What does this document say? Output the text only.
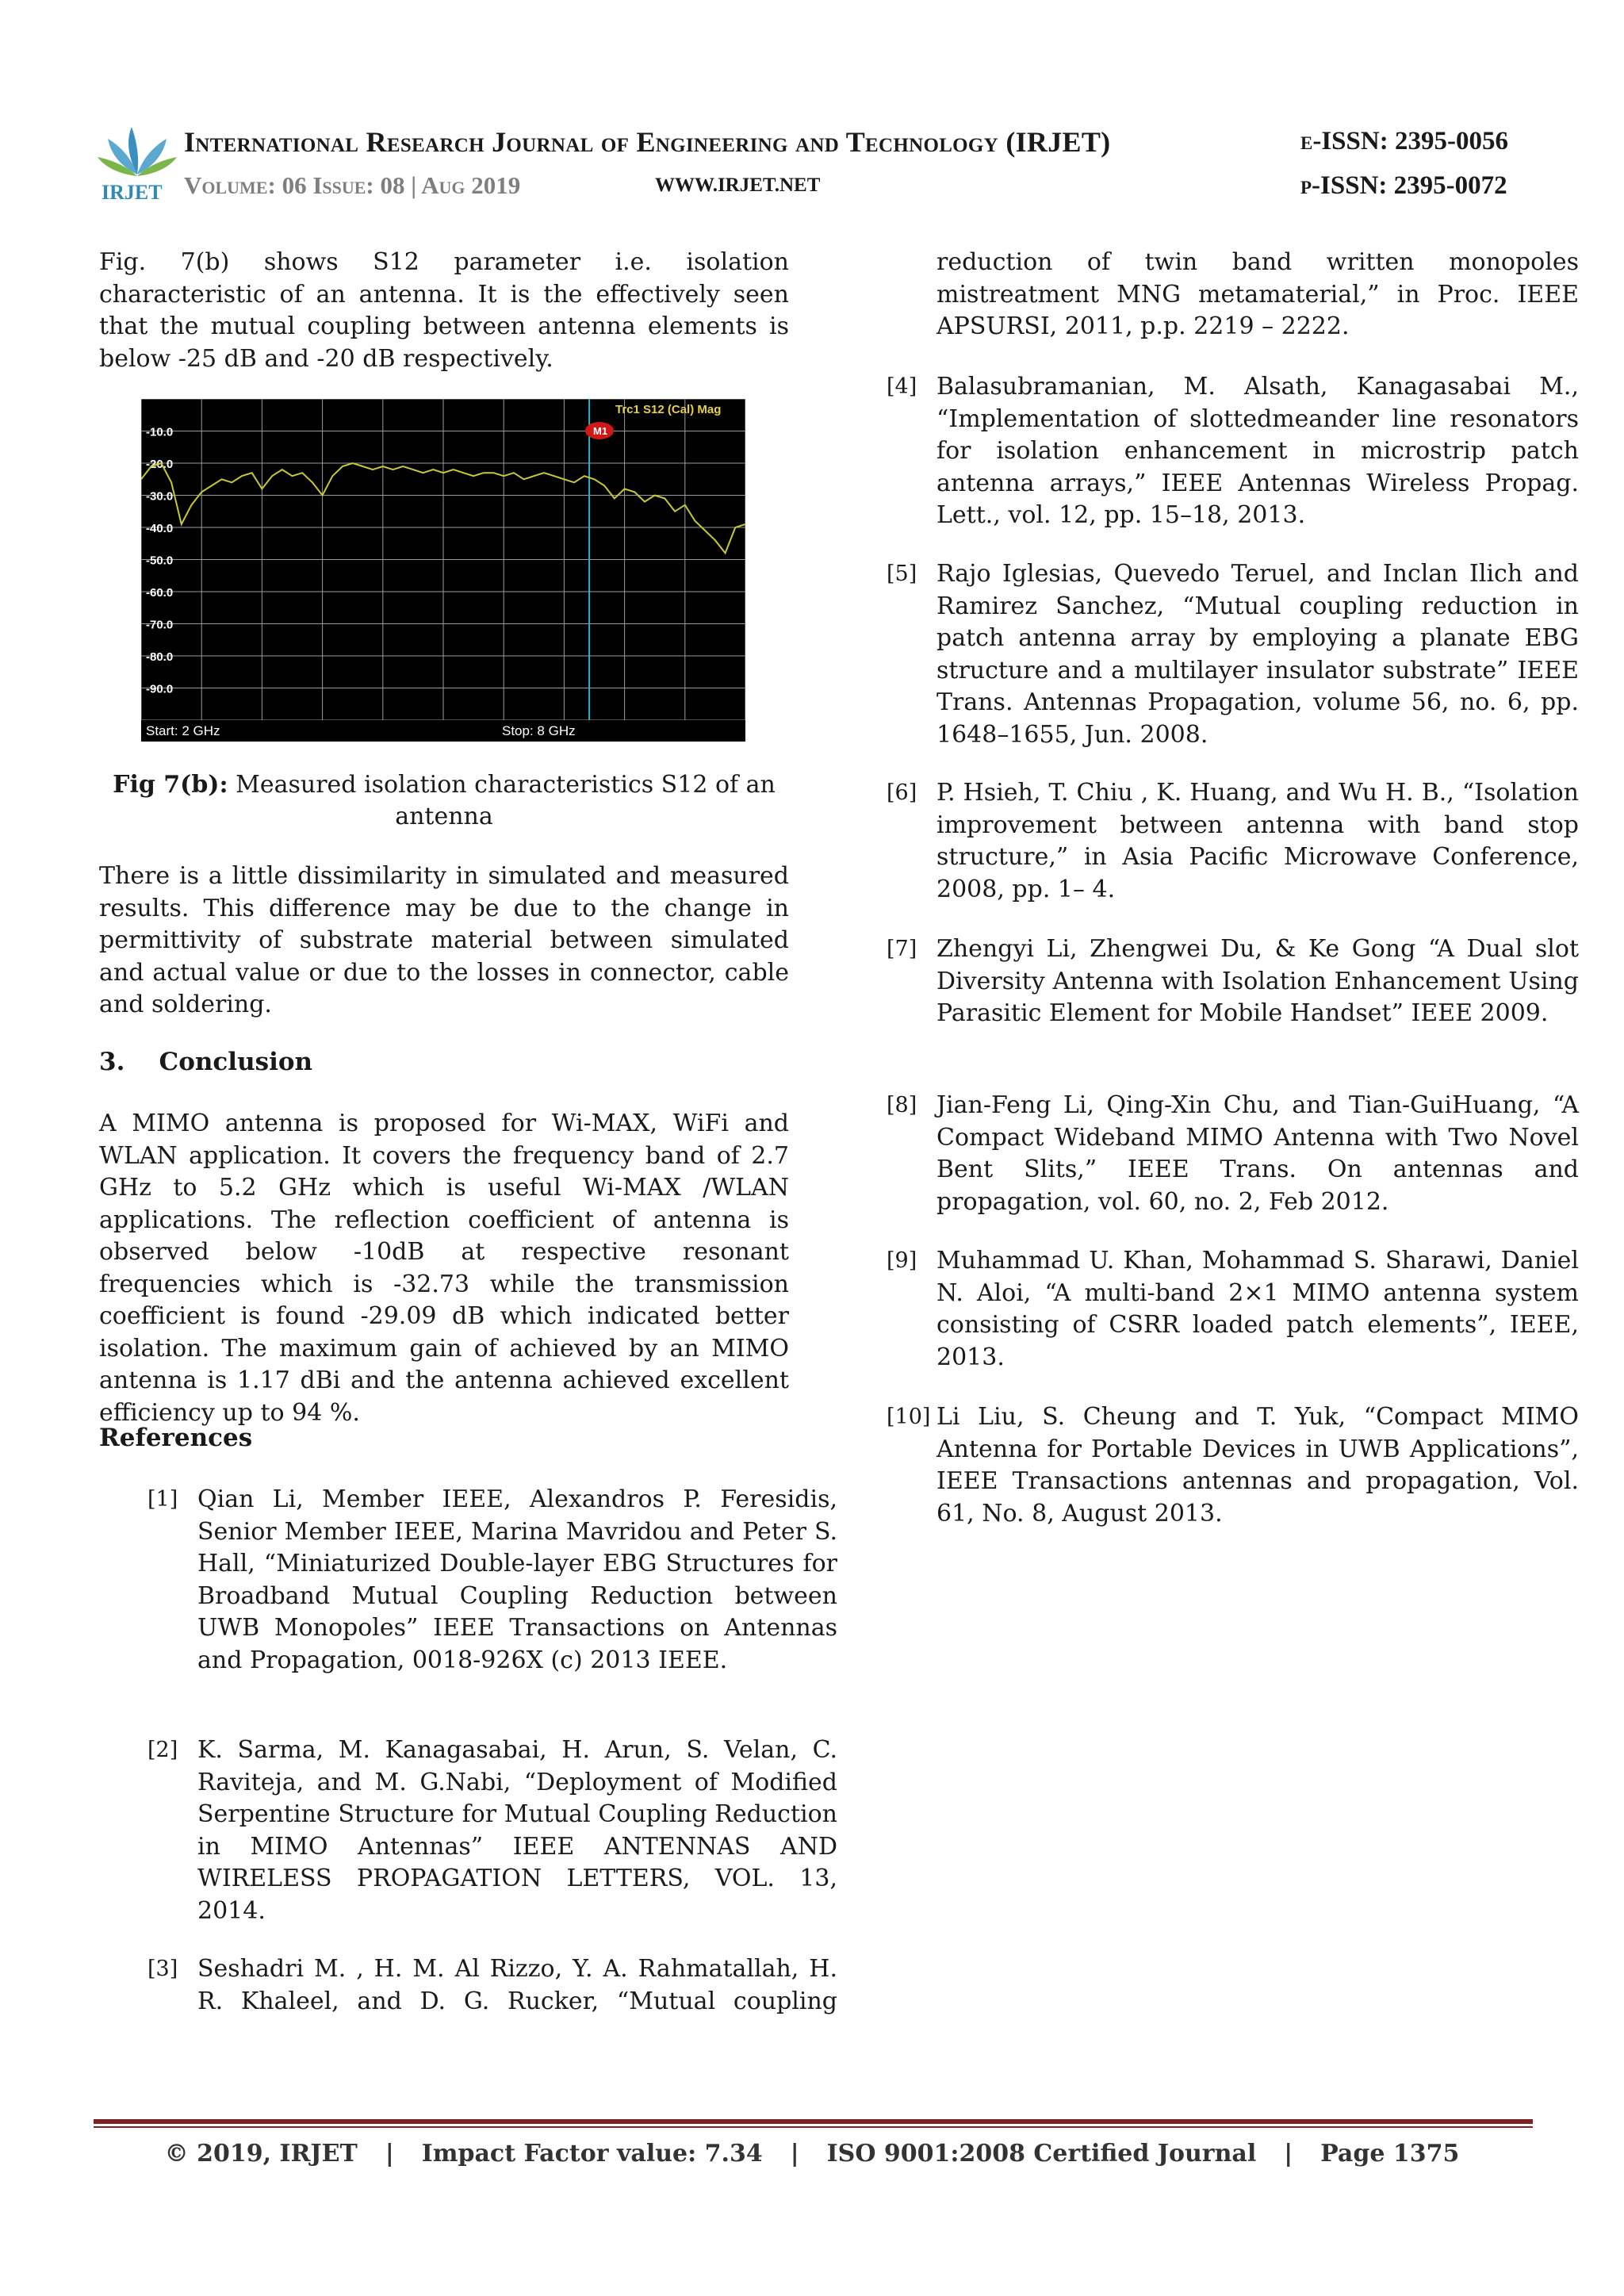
IRJET
International Research Journal of Engineering and Technology (IRJET)	e-ISSN: 2395-0056
Volume: 06 Issue: 08 | Aug 2019	WWW.IRJET.NET	p-ISSN: 2395-0072
Fig. 7(b) shows S12 parameter i.e. isolation characteristic of an antenna. It is the effectively seen that the mutual coupling between antenna elements is below -25 dB and -20 dB respectively.
-10.0
-20.0
-30.0
-40.0
-50.0
-60.0
-70.0
-80.0
-90.0
Trc1 S12 (Cal) Mag
M1
Start: 2 GHz	Stop: 8 GHz
Fig 7(b): Measured isolation characteristics S12 of an antenna
There is a little dissimilarity in simulated and measured results. This difference may be due to the change in permittivity of substrate material between simulated and actual value or due to the losses in connector, cable and soldering.
3.    Conclusion
A MIMO antenna is proposed for Wi-MAX, WiFi and WLAN application. It covers the frequency band of 2.7 GHz to 5.2 GHz which is useful Wi-MAX /WLAN applications. The reflection coefficient of antenna is observed below -10dB at respective resonant frequencies which is -32.73 while the transmission coefficient is found -29.09 dB which indicated better isolation. The maximum gain of achieved by an MIMO antenna is 1.17 dBi and the antenna achieved excellent efficiency up to 94 %.
References
[1] Qian Li, Member IEEE, Alexandros P. Feresidis, Senior Member IEEE, Marina Mavridou and Peter S. Hall, “Miniaturized Double-layer EBG Structures for Broadband Mutual Coupling Reduction between UWB Monopoles” IEEE Transactions on Antennas and Propagation, 0018-926X (c) 2013 IEEE.
[2] K. Sarma, M. Kanagasabai, H. Arun, S. Velan, C. Raviteja, and M. G.Nabi, “Deployment of Modified Serpentine Structure for Mutual Coupling Reduction in MIMO Antennas” IEEE ANTENNAS AND WIRELESS PROPAGATION LETTERS, VOL. 13, 2014.
[3] Seshadri M. , H. M. Al Rizzo, Y. A. Rahmatallah, H. R. Khaleel, and D. G. Rucker, “Mutual coupling
reduction of twin band written monopoles mistreatment MNG metamaterial,” in Proc. IEEE APSURSI, 2011, p.p. 2219 – 2222.
[4] Balasubramanian, M. Alsath, Kanagasabai M., “Implementation of slottedmeander line resonators for isolation enhancement in microstrip patch antenna arrays,” IEEE Antennas Wireless Propag. Lett., vol. 12, pp. 15–18, 2013.
[5] Rajo Iglesias, Quevedo Teruel, and Inclan Ilich and Ramirez Sanchez, “Mutual coupling reduction in patch antenna array by employing a planate EBG structure and a multilayer insulator substrate” IEEE Trans. Antennas Propagation, volume 56, no. 6, pp. 1648–1655, Jun. 2008.
[6] P. Hsieh, T. Chiu , K. Huang, and Wu H. B., “Isolation improvement between antenna with band stop structure,” in Asia Pacific Microwave Conference, 2008, pp. 1– 4.
[7] Zhengyi Li, Zhengwei Du, & Ke Gong “A Dual slot Diversity Antenna with Isolation Enhancement Using Parasitic Element for Mobile Handset” IEEE 2009.
[8] Jian-Feng Li, Qing-Xin Chu, and Tian-GuiHuang, “A Compact Wideband MIMO Antenna with Two Novel Bent Slits,” IEEE Trans. On antennas and propagation, vol. 60, no. 2, Feb 2012.
[9] Muhammad U. Khan, Mohammad S. Sharawi, Daniel N. Aloi, “A multi-band 2×1 MIMO antenna system consisting of CSRR loaded patch elements”, IEEE, 2013.
[10] Li Liu, S. Cheung and T. Yuk, “Compact MIMO Antenna for Portable Devices in UWB Applications”, IEEE Transactions antennas and propagation, Vol. 61, No. 8, August 2013.
© 2019, IRJET | Impact Factor value: 7.34 | ISO 9001:2008 Certified Journal | Page 1375
